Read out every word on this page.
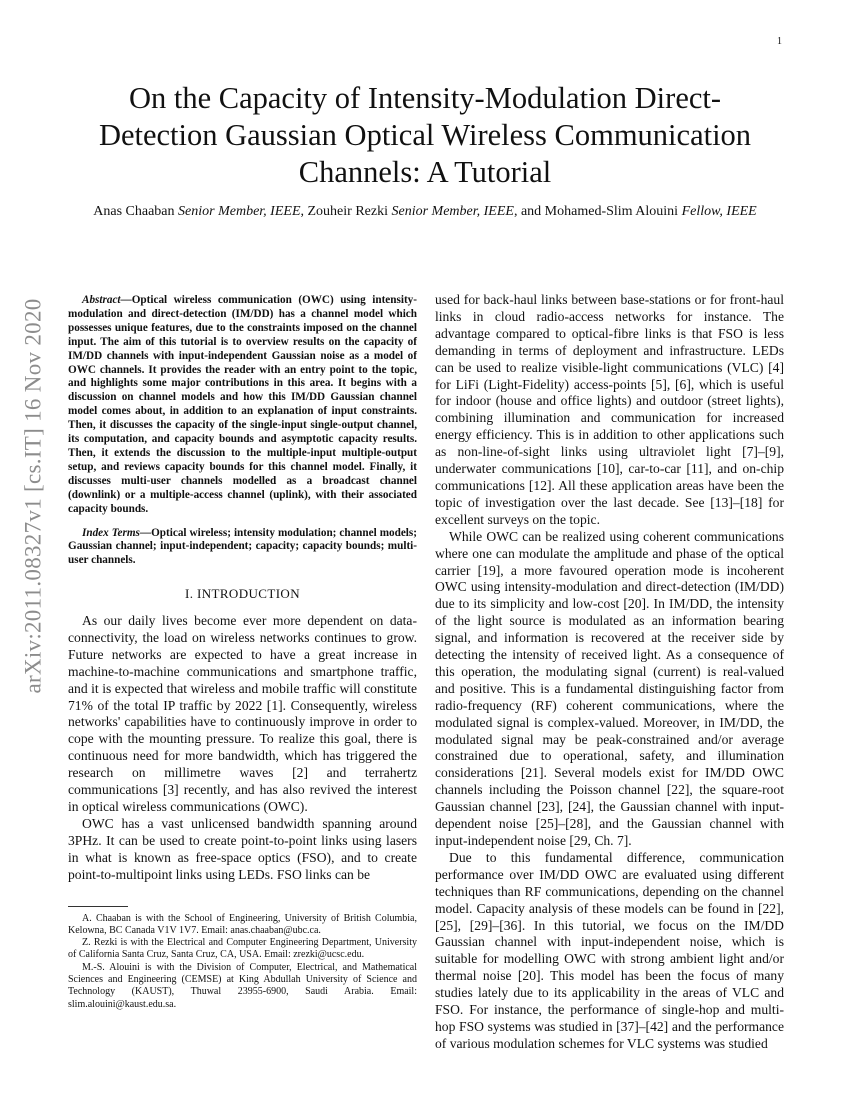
1
arXiv:2011.08327v1 [cs.IT] 16 Nov 2020
On the Capacity of Intensity-Modulation Direct-Detection Gaussian Optical Wireless Communication Channels: A Tutorial

Anas Chaaban Senior Member, IEEE, Zouheir Rezki Senior Member, IEEE, and Mohamed-Slim Alouini Fellow, IEEE

Abstract—Optical wireless communication (OWC) using intensity-modulation and direct-detection (IM/DD) has a channel model which possesses unique features, due to the constraints imposed on the channel input. The aim of this tutorial is to overview results on the capacity of IM/DD channels with input-independent Gaussian noise as a model of OWC channels. It provides the reader with an entry point to the topic, and highlights some major contributions in this area. It begins with a discussion on channel models and how this IM/DD Gaussian channel model comes about, in addition to an explanation of input constraints. Then, it discusses the capacity of the single-input single-output channel, its computation, and capacity bounds and asymptotic capacity results. Then, it extends the discussion to the multiple-input multiple-output setup, and reviews capacity bounds for this channel model. Finally, it discusses multi-user channels modelled as a broadcast channel (downlink) or a multiple-access channel (uplink), with their associated capacity bounds.

Index Terms—Optical wireless; intensity modulation; channel models; Gaussian channel; input-independent; capacity; capacity bounds; multi-user channels.

I. INTRODUCTION

As our daily lives become ever more dependent on data-connectivity, the load on wireless networks continues to grow. Future networks are expected to have a great increase in machine-to-machine communications and smartphone traffic, and it is expected that wireless and mobile traffic will constitute 71% of the total IP traffic by 2022 [1]. Consequently, wireless networks' capabilities have to continuously improve in order to cope with the mounting pressure. To realize this goal, there is continuous need for more bandwidth, which has triggered the research on millimetre waves [2] and terrahertz communications [3] recently, and has also revived the interest in optical wireless communications (OWC).

OWC has a vast unlicensed bandwidth spanning around 3PHz. It can be used to create point-to-point links using lasers in what is known as free-space optics (FSO), and to create point-to-multipoint links using LEDs. FSO links can be

A. Chaaban is with the School of Engineering, University of British Columbia, Kelowna, BC Canada V1V 1V7. Email: anas.chaaban@ubc.ca.

Z. Rezki is with the Electrical and Computer Engineering Department, University of California Santa Cruz, Santa Cruz, CA, USA. Email: zrezki@ucsc.edu.

M.-S. Alouini is with the Division of Computer, Electrical, and Mathematical Sciences and Engineering (CEMSE) at King Abdullah University of Science and Technology (KAUST), Thuwal 23955-6900, Saudi Arabia. Email: slim.alouini@kaust.edu.sa.

used for back-haul links between base-stations or for front-haul links in cloud radio-access networks for instance. The advantage compared to optical-fibre links is that FSO is less demanding in terms of deployment and infrastructure. LEDs can be used to realize visible-light communications (VLC) [4] for LiFi (Light-Fidelity) access-points [5], [6], which is useful for indoor (house and office lights) and outdoor (street lights), combining illumination and communication for increased energy efficiency. This is in addition to other applications such as non-line-of-sight links using ultraviolet light [7]–[9], underwater communications [10], car-to-car [11], and on-chip communications [12]. All these application areas have been the topic of investigation over the last decade. See [13]–[18] for excellent surveys on the topic.

While OWC can be realized using coherent communications where one can modulate the amplitude and phase of the optical carrier [19], a more favoured operation mode is incoherent OWC using intensity-modulation and direct-detection (IM/DD) due to its simplicity and low-cost [20]. In IM/DD, the intensity of the light source is modulated as an information bearing signal, and information is recovered at the receiver side by detecting the intensity of received light. As a consequence of this operation, the modulating signal (current) is real-valued and positive. This is a fundamental distinguishing factor from radio-frequency (RF) coherent communications, where the modulated signal is complex-valued. Moreover, in IM/DD, the modulated signal may be peak-constrained and/or average constrained due to operational, safety, and illumination considerations [21]. Several models exist for IM/DD OWC channels including the Poisson channel [22], the square-root Gaussian channel [23], [24], the Gaussian channel with input-dependent noise [25]–[28], and the Gaussian channel with input-independent noise [29, Ch. 7].

Due to this fundamental difference, communication performance over IM/DD OWC are evaluated using different techniques than RF communications, depending on the channel model. Capacity analysis of these models can be found in [22], [25], [29]–[36]. In this tutorial, we focus on the IM/DD Gaussian channel with input-independent noise, which is suitable for modelling OWC with strong ambient light and/or thermal noise [20]. This model has been the focus of many studies lately due to its applicability in the areas of VLC and FSO. For instance, the performance of single-hop and multi-hop FSO systems was studied in [37]–[42] and the performance of various modulation schemes for VLC systems was studied
